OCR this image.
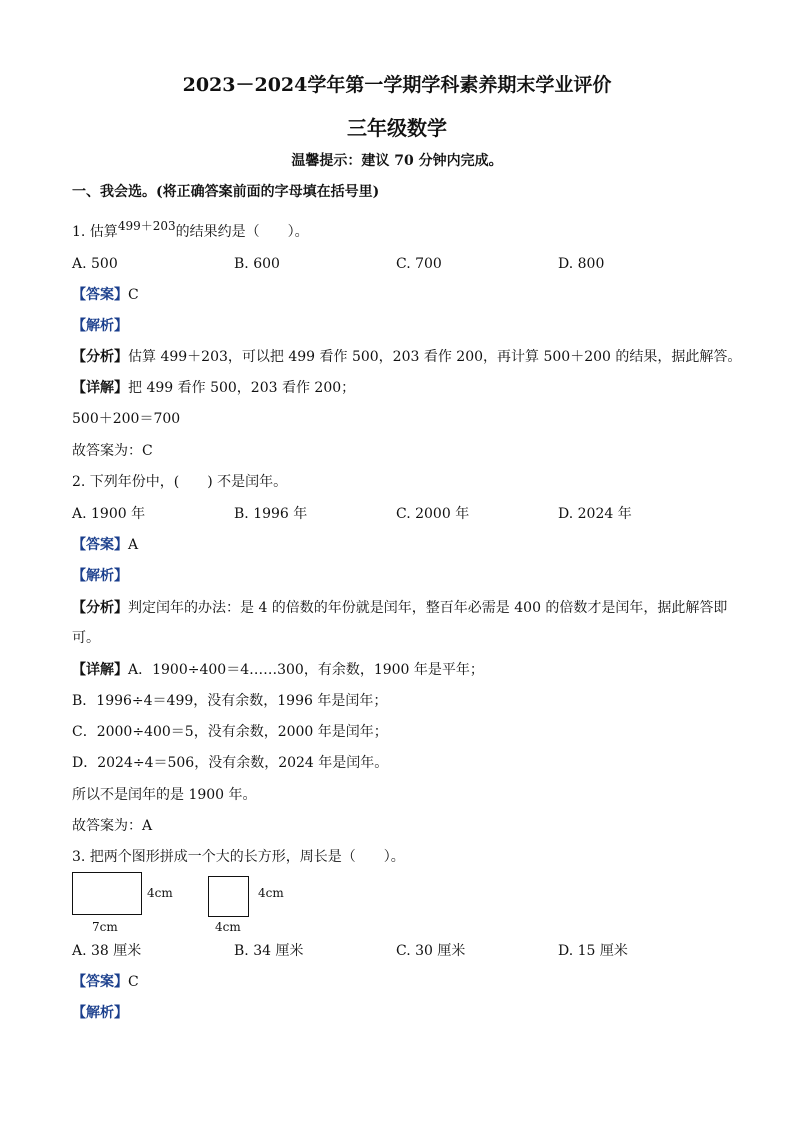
2023－2024学年第一学期学科素养期末学业评价
三年级数学
温馨提示：建议 70 分钟内完成。
一、我会选。(将正确答案前面的字母填在括号里)
1. 估算499＋203的结果约是（　　）。
A. 500	B. 600	C. 700	D. 800
【答案】C
【解析】
【分析】估算 499＋203，可以把 499 看作 500，203 看作 200，再计算 500＋200 的结果，据此解答。
【详解】把 499 看作 500，203 看作 200；
500＋200＝700
故答案为：C
2. 下列年份中，(　　) 不是闰年。
A. 1900 年	B. 1996 年	C. 2000 年	D. 2024 年
【答案】A
【解析】
【分析】判定闰年的办法：是 4 的倍数的年份就是闰年，整百年必需是 400 的倍数才是闰年，据此解答即
可。
【详解】A．1900÷400＝4……300，有余数，1900 年是平年；
B．1996÷4＝499，没有余数，1996 年是闰年；
C．2000÷400＝5，没有余数，2000 年是闰年；
D．2024÷4＝506，没有余数，2024 年是闰年。
所以不是闰年的是 1900 年。
故答案为：A
3. 把两个图形拼成一个大的长方形，周长是（　　）。
4cm
7cm
4cm
4cm
A. 38 厘米	B. 34 厘米	C. 30 厘米	D. 15 厘米
【答案】C
【解析】
